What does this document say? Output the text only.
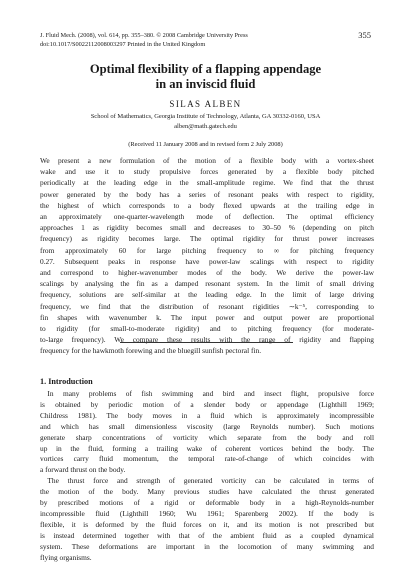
J. Fluid Mech. (2008), vol. 614, pp. 355–380. © 2008 Cambridge University Press
doi:10.1017/S0022112008003297 Printed in the United Kingdom
355
Optimal flexibility of a flapping appendage
in an inviscid fluid
SILAS ALBEN
School of Mathematics, Georgia Institute of Technology, Atlanta, GA 30332-0160, USA
alben@math.gatech.edu
(Received 11 January 2008 and in revised form 2 July 2008)
We present a new formulation of the motion of a flexible body with a vortex-sheet
wake and use it to study propulsive forces generated by a flexible body pitched
periodically at the leading edge in the small-amplitude regime. We find that the thrust
power generated by the body has a series of resonant peaks with respect to rigidity,
the highest of which corresponds to a body flexed upwards at the trailing edge in
an approximately one-quarter-wavelength mode of deflection. The optimal efficiency
approaches 1 as rigidity becomes small and decreases to 30–50 % (depending on pitch
frequency) as rigidity becomes large. The optimal rigidity for thrust power increases
from approximately 60 for large pitching frequency to ∞ for pitching frequency
0.27. Subsequent peaks in response have power-law scalings with respect to rigidity
and correspond to higher-wavenumber modes of the body. We derive the power-law
scalings by analysing the fin as a damped resonant system. In the limit of small driving
frequency, solutions are self-similar at the leading edge. In the limit of large driving
frequency, we find that the distribution of resonant rigidities ∼k⁻⁵, corresponding to
fin shapes with wavenumber k. The input power and output power are proportional
to rigidity (for small-to-moderate rigidity) and to pitching frequency (for moderate-
to-large frequency). We compare these results with the range of rigidity and flapping
frequency for the hawkmoth forewing and the bluegill sunfish pectoral fin.
1. Introduction
 In many problems of fish swimming and bird and insect flight, propulsive force
is obtained by periodic motion of a slender body or appendage (Lighthill 1969;
Childress 1981). The body moves in a fluid which is approximately incompressible
and which has small dimensionless viscosity (large Reynolds number). Such motions
generate sharp concentrations of vorticity which separate from the body and roll
up in the fluid, forming a trailing wake of coherent vortices behind the body. The
vortices carry fluid momentum, the temporal rate-of-change of which coincides with
a forward thrust on the body.
 The thrust force and strength of generated vorticity can be calculated in terms of
the motion of the body. Many previous studies have calculated the thrust generated
by prescribed motions of a rigid or deformable body in a high-Reynolds-number
incompressible fluid (Lighthill 1960; Wu 1961; Sparenberg 2002). If the body is
flexible, it is deformed by the fluid forces on it, and its motion is not prescribed but
is instead determined together with that of the ambient fluid as a coupled dynamical
system. These deformations are important in the locomotion of many swimming and
flying organisms.
